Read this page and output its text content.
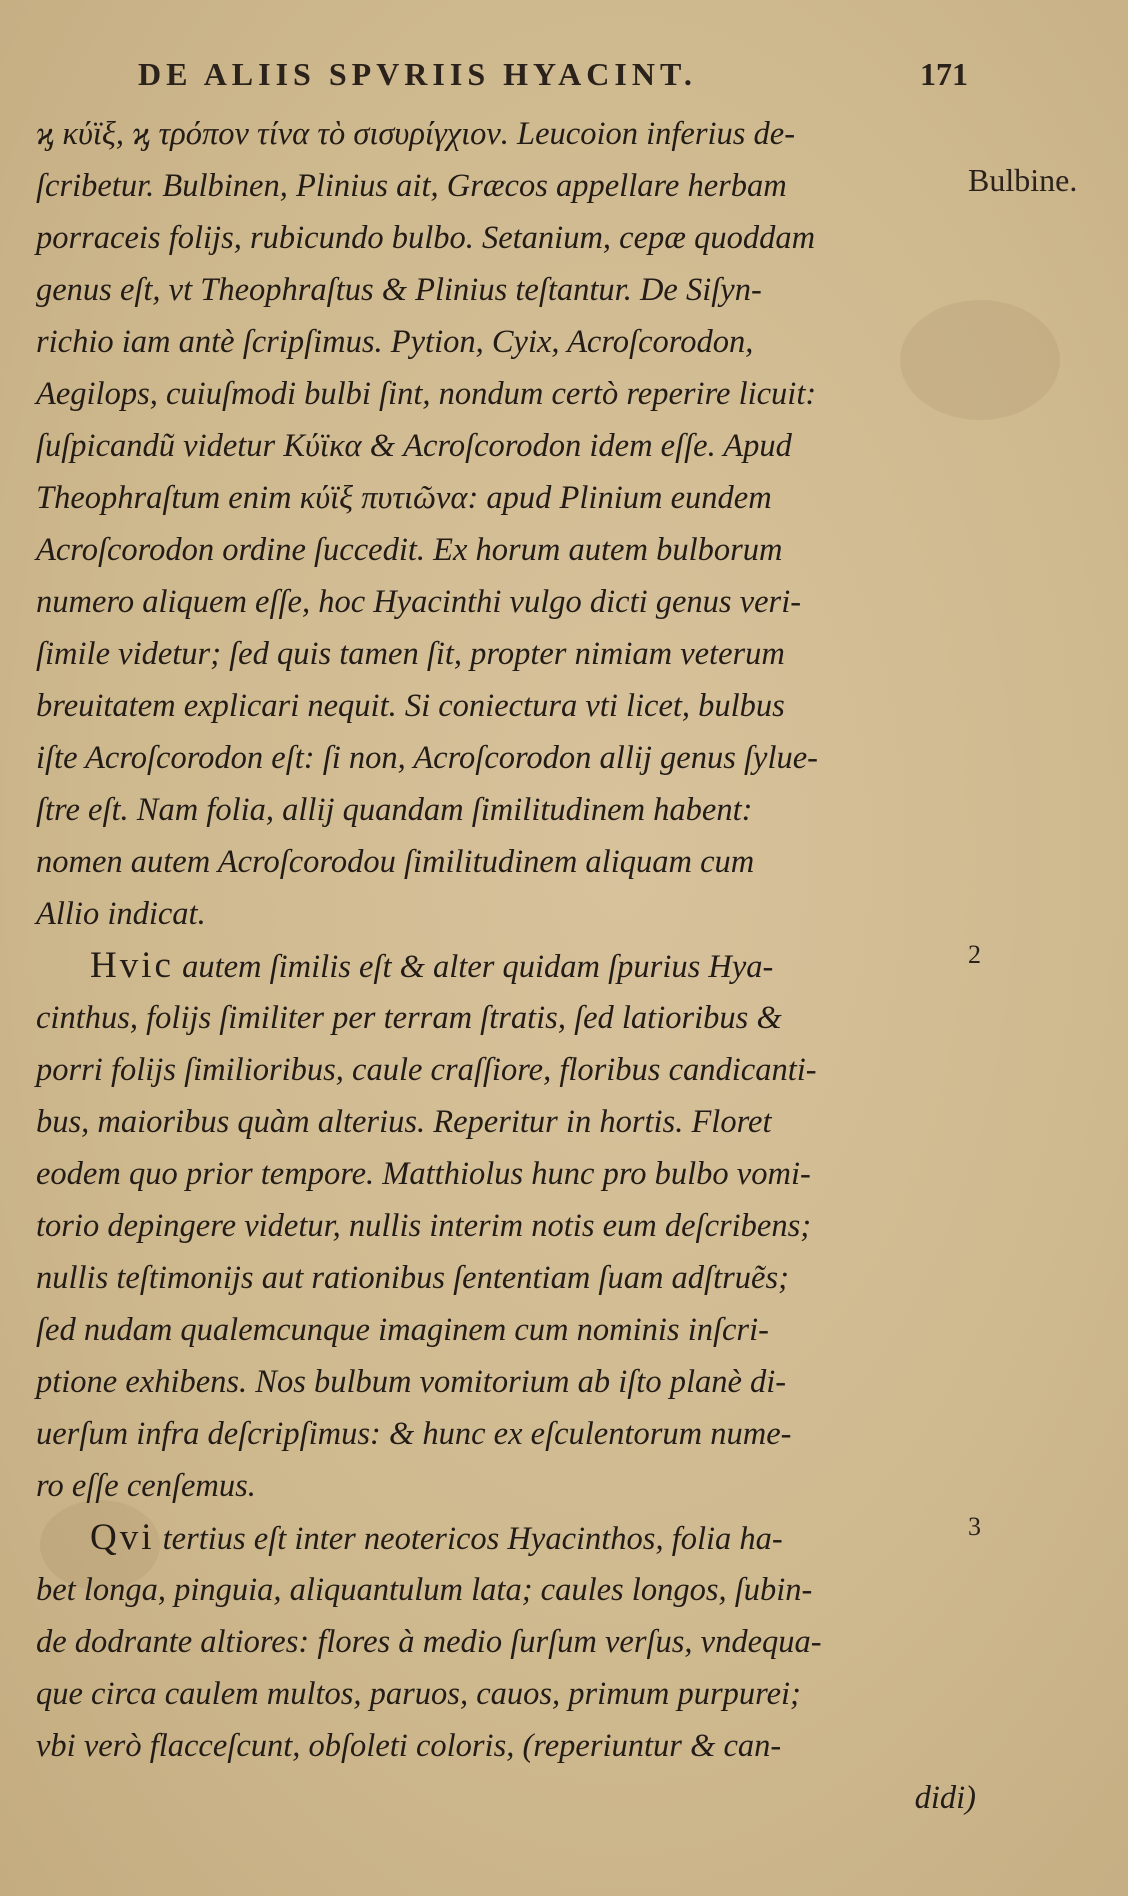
DE ALIIS SPVRIIS HYACINT.	171
ϗ κύϊξ, ϗ τρόπον τίνα τὸ σισυρίγχιον. Leucoion inferius de-
ſcribetur. Bulbinen, Plinius ait, Græcos appellare herbam
porraceis folijs, rubicundo bulbo. Setanium, cepæ quoddam
genus eſt, vt Theophraſtus & Plinius teſtantur. De Siſyn-
richio iam antè ſcripſimus. Pytion, Cyix, Acroſcorodon,
Aegilops, cuiuſmodi bulbi ſint, nondum certò reperire licuit:
ſuſpicandũ videtur Κύϊκα & Acroſcorodon idem eſſe. Apud
Theophraſtum enim κύϊξ πυτιῶνα: apud Plinium eundem
Acroſcorodon ordine ſuccedit. Ex horum autem bulborum
numero aliquem eſſe, hoc Hyacinthi vulgo dicti genus veri-
ſimile videtur; ſed quis tamen ſit, propter nimiam veterum
breuitatem explicari nequit. Si coniectura vti licet, bulbus
iſte Acroſcorodon eſt: ſi non, Acroſcorodon allij genus ſylue-
ſtre eſt. Nam folia, allij quandam ſimilitudinem habent:
nomen autem Acroſcorodou ſimilitudinem aliquam cum
Allio indicat.
Hvic autem ſimilis eſt & alter quidam ſpurius Hya-
cinthus, folijs ſimiliter per terram ſtratis, ſed latioribus &
porri folijs ſimilioribus, caule craſſiore, floribus candicanti-
bus, maioribus quàm alterius. Reperitur in hortis. Floret
eodem quo prior tempore. Matthiolus hunc pro bulbo vomi-
torio depingere videtur, nullis interim notis eum deſcribens;
nullis teſtimonijs aut rationibus ſententiam ſuam adſtruẽs;
ſed nudam qualemcunque imaginem cum nominis inſcri-
ptione exhibens. Nos bulbum vomitorium ab iſto planè di-
uerſum infra deſcripſimus: & hunc ex eſculentorum nume-
ro eſſe cenſemus.
Qvi tertius eſt inter neotericos Hyacinthos, folia ha-
bet longa, pinguia, aliquantulum lata; caules longos, ſubin-
de dodrante altiores: flores à medio ſurſum verſus, vndequa-
que circa caulem multos, paruos, cauos, primum purpurei;
vbi verò flacceſcunt, obſoleti coloris, (reperiuntur & can-
didi)
Bulbine.
2
3
